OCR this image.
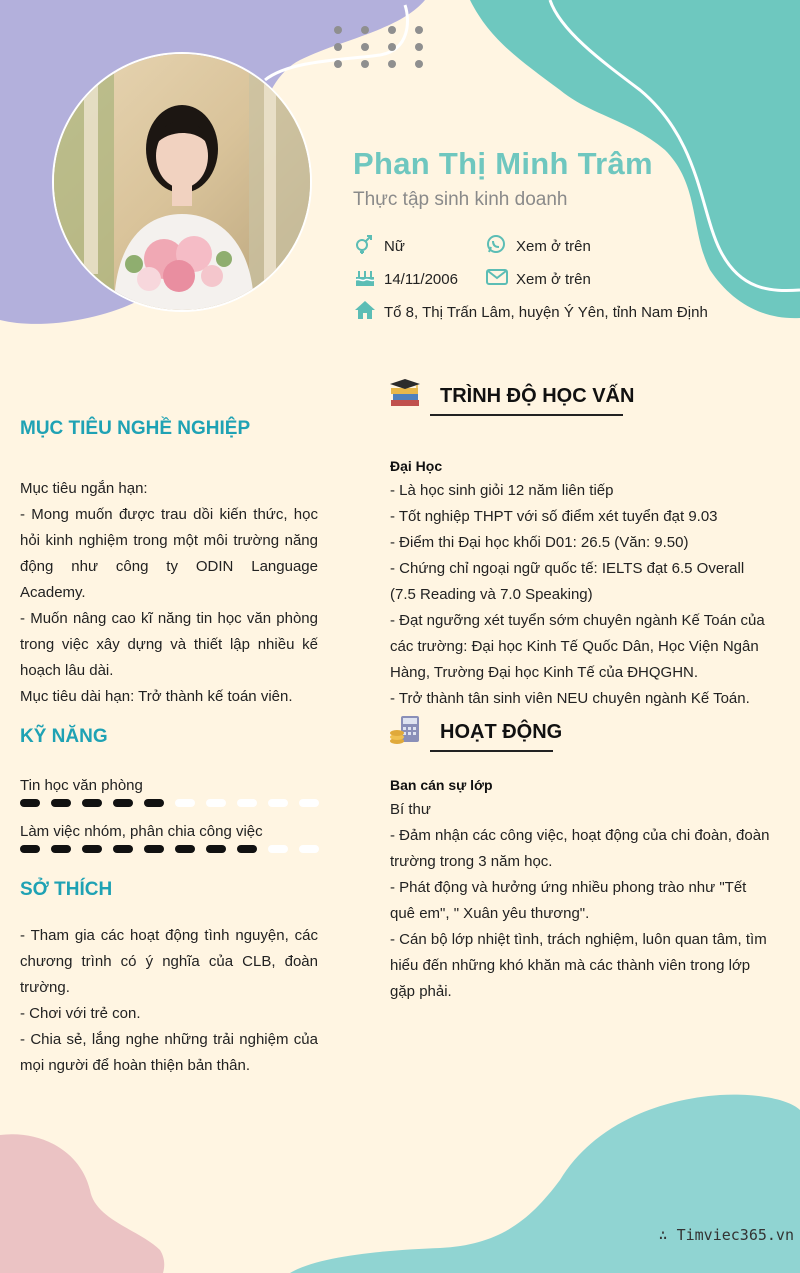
Phan Thị Minh Trâm
Thực tập sinh kinh doanh
Nữ	Xem ở trên
14/11/2006	Xem ở trên
Tổ 8, Thị Trấn Lâm, huyện Ý Yên, tỉnh Nam Định
MỤC TIÊU NGHỀ NGHIỆP
Mục tiêu ngắn hạn:
- Mong muốn được trau dồi kiến thức, học hỏi kinh nghiệm trong một môi trường năng động như công ty ODIN Language Academy.
- Muốn nâng cao kĩ năng tin học văn phòng trong việc xây dựng và thiết lập nhiều kế hoạch lâu dài.
Mục tiêu dài hạn: Trở thành kế toán viên.
KỸ NĂNG
Tin học văn phòng
Làm việc nhóm, phân chia công việc
SỞ THÍCH
- Tham gia các hoạt động tình nguyện, các chương trình có ý nghĩa của CLB, đoàn trường.
- Chơi với trẻ con.
- Chia sẻ, lắng nghe những trải nghiệm của mọi người để hoàn thiện bản thân.
TRÌNH ĐỘ HỌC VẤN
Đại Học
- Là học sinh giỏi 12 năm liên tiếp
- Tốt nghiệp THPT với số điểm xét tuyển đạt 9.03
- Điểm thi Đại học khối D01: 26.5 (Văn: 9.50)
- Chứng chỉ ngoại ngữ quốc tế: IELTS đạt 6.5 Overall (7.5 Reading và 7.0 Speaking)
- Đạt ngưỡng xét tuyển sớm chuyên ngành Kế Toán của các trường: Đại học Kinh Tế Quốc Dân, Học Viện Ngân Hàng, Trường Đại học Kinh Tế của ĐHQGHN.
- Trở thành tân sinh viên NEU chuyên ngành Kế Toán.
HOẠT ĐỘNG
Ban cán sự lớp
Bí thư
- Đảm nhận các công việc, hoạt động của chi đoàn, đoàn trường trong 3 năm học.
- Phát động và hưởng ứng nhiều phong trào như "Tết quê em", " Xuân yêu thương".
- Cán bộ lớp nhiệt tình, trách nghiệm, luôn quan tâm, tìm hiểu đến những khó khăn mà các thành viên trong lớp gặp phải.
∴ Timviec365.vn
